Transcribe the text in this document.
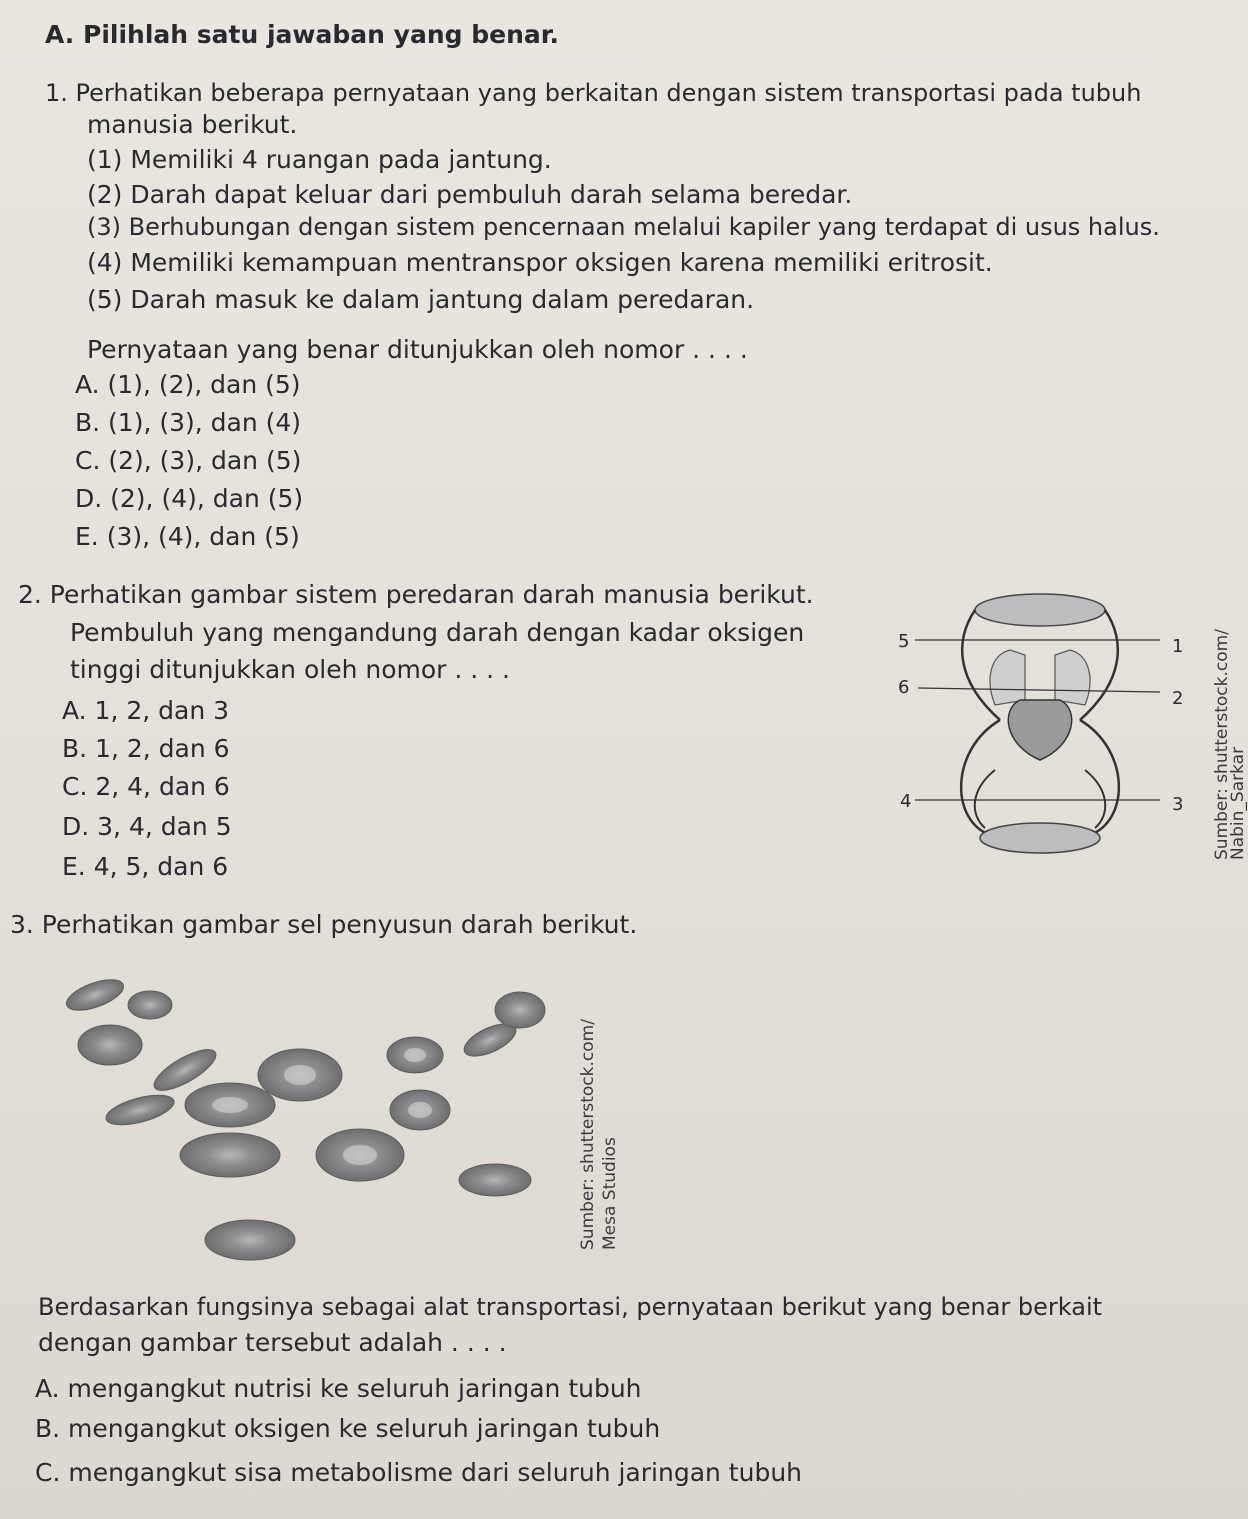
A. Pilihlah satu jawaban yang benar.
1. Perhatikan beberapa pernyataan yang berkaitan dengan sistem transportasi pada tubuh
manusia berikut.
(1) Memiliki 4 ruangan pada jantung.
(2) Darah dapat keluar dari pembuluh darah selama beredar.
(3) Berhubungan dengan sistem pencernaan melalui kapiler yang terdapat di usus halus.
(4) Memiliki kemampuan mentranspor oksigen karena memiliki eritrosit.
(5) Darah masuk ke dalam jantung dalam peredaran.
Pernyataan yang benar ditunjukkan oleh nomor . . . .
A. (1), (2), dan (5)
B. (1), (3), dan (4)
C. (2), (3), dan (5)
D. (2), (4), dan (5)
E. (3), (4), dan (5)
2. Perhatikan gambar sistem peredaran darah manusia berikut.
Pembuluh yang mengandung darah dengan kadar oksigen
tinggi ditunjukkan oleh nomor . . . .
A. 1, 2, dan 3
B. 1, 2, dan 6
C. 2, 4, dan 6
D. 3, 4, dan 5
E. 4, 5, dan 6
5
6
4
1
2
3 Sumber: shutterstock.com/
Nabin_Sarkar
3. Perhatikan gambar sel penyusun darah berikut.
Sumber: shutterstock.com/ Mesa Studios
Berdasarkan fungsinya sebagai alat transportasi, pernyataan berikut yang benar berkait
dengan gambar tersebut adalah . . . .
A. mengangkut nutrisi ke seluruh jaringan tubuh
B. mengangkut oksigen ke seluruh jaringan tubuh
C. mengangkut sisa metabolisme dari seluruh jaringan tubuh
